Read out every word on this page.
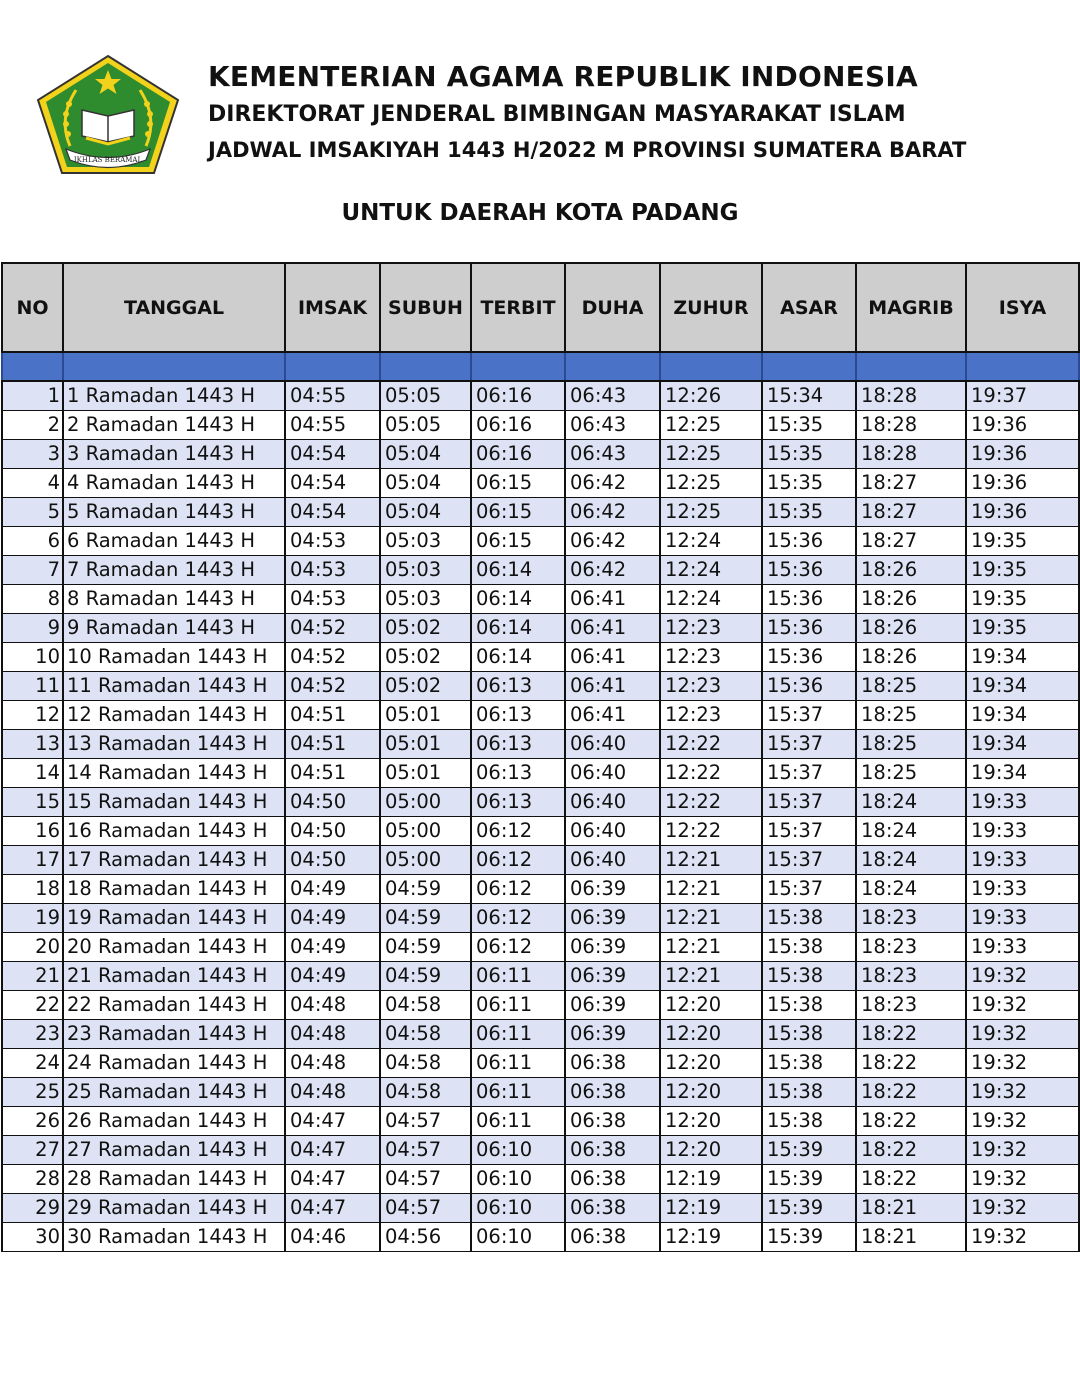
IKHLAS BERAMAL
KEMENTERIAN AGAMA REPUBLIK INDONESIA
DIREKTORAT JENDERAL BIMBINGAN MASYARAKAT ISLAM
JADWAL IMSAKIYAH 1443 H/2022 M PROVINSI SUMATERA BARAT
UNTUK DAERAH KOTA PADANG
NO	TANGGAL	IMSAK	SUBUH	TERBIT	DUHA	ZUHUR	ASAR	MAGRIB	ISYA

1	1 Ramadan 1443 H	04:55	05:05	06:16	06:43	12:26	15:34	18:28	19:37
2	2 Ramadan 1443 H	04:55	05:05	06:16	06:43	12:25	15:35	18:28	19:36
3	3 Ramadan 1443 H	04:54	05:04	06:16	06:43	12:25	15:35	18:28	19:36
4	4 Ramadan 1443 H	04:54	05:04	06:15	06:42	12:25	15:35	18:27	19:36
5	5 Ramadan 1443 H	04:54	05:04	06:15	06:42	12:25	15:35	18:27	19:36
6	6 Ramadan 1443 H	04:53	05:03	06:15	06:42	12:24	15:36	18:27	19:35
7	7 Ramadan 1443 H	04:53	05:03	06:14	06:42	12:24	15:36	18:26	19:35
8	8 Ramadan 1443 H	04:53	05:03	06:14	06:41	12:24	15:36	18:26	19:35
9	9 Ramadan 1443 H	04:52	05:02	06:14	06:41	12:23	15:36	18:26	19:35
10	10 Ramadan 1443 H	04:52	05:02	06:14	06:41	12:23	15:36	18:26	19:34
11	11 Ramadan 1443 H	04:52	05:02	06:13	06:41	12:23	15:36	18:25	19:34
12	12 Ramadan 1443 H	04:51	05:01	06:13	06:41	12:23	15:37	18:25	19:34
13	13 Ramadan 1443 H	04:51	05:01	06:13	06:40	12:22	15:37	18:25	19:34
14	14 Ramadan 1443 H	04:51	05:01	06:13	06:40	12:22	15:37	18:25	19:34
15	15 Ramadan 1443 H	04:50	05:00	06:13	06:40	12:22	15:37	18:24	19:33
16	16 Ramadan 1443 H	04:50	05:00	06:12	06:40	12:22	15:37	18:24	19:33
17	17 Ramadan 1443 H	04:50	05:00	06:12	06:40	12:21	15:37	18:24	19:33
18	18 Ramadan 1443 H	04:49	04:59	06:12	06:39	12:21	15:37	18:24	19:33
19	19 Ramadan 1443 H	04:49	04:59	06:12	06:39	12:21	15:38	18:23	19:33
20	20 Ramadan 1443 H	04:49	04:59	06:12	06:39	12:21	15:38	18:23	19:33
21	21 Ramadan 1443 H	04:49	04:59	06:11	06:39	12:21	15:38	18:23	19:32
22	22 Ramadan 1443 H	04:48	04:58	06:11	06:39	12:20	15:38	18:23	19:32
23	23 Ramadan 1443 H	04:48	04:58	06:11	06:39	12:20	15:38	18:22	19:32
24	24 Ramadan 1443 H	04:48	04:58	06:11	06:38	12:20	15:38	18:22	19:32
25	25 Ramadan 1443 H	04:48	04:58	06:11	06:38	12:20	15:38	18:22	19:32
26	26 Ramadan 1443 H	04:47	04:57	06:11	06:38	12:20	15:38	18:22	19:32
27	27 Ramadan 1443 H	04:47	04:57	06:10	06:38	12:20	15:39	18:22	19:32
28	28 Ramadan 1443 H	04:47	04:57	06:10	06:38	12:19	15:39	18:22	19:32
29	29 Ramadan 1443 H	04:47	04:57	06:10	06:38	12:19	15:39	18:21	19:32
30	30 Ramadan 1443 H	04:46	04:56	06:10	06:38	12:19	15:39	18:21	19:32
